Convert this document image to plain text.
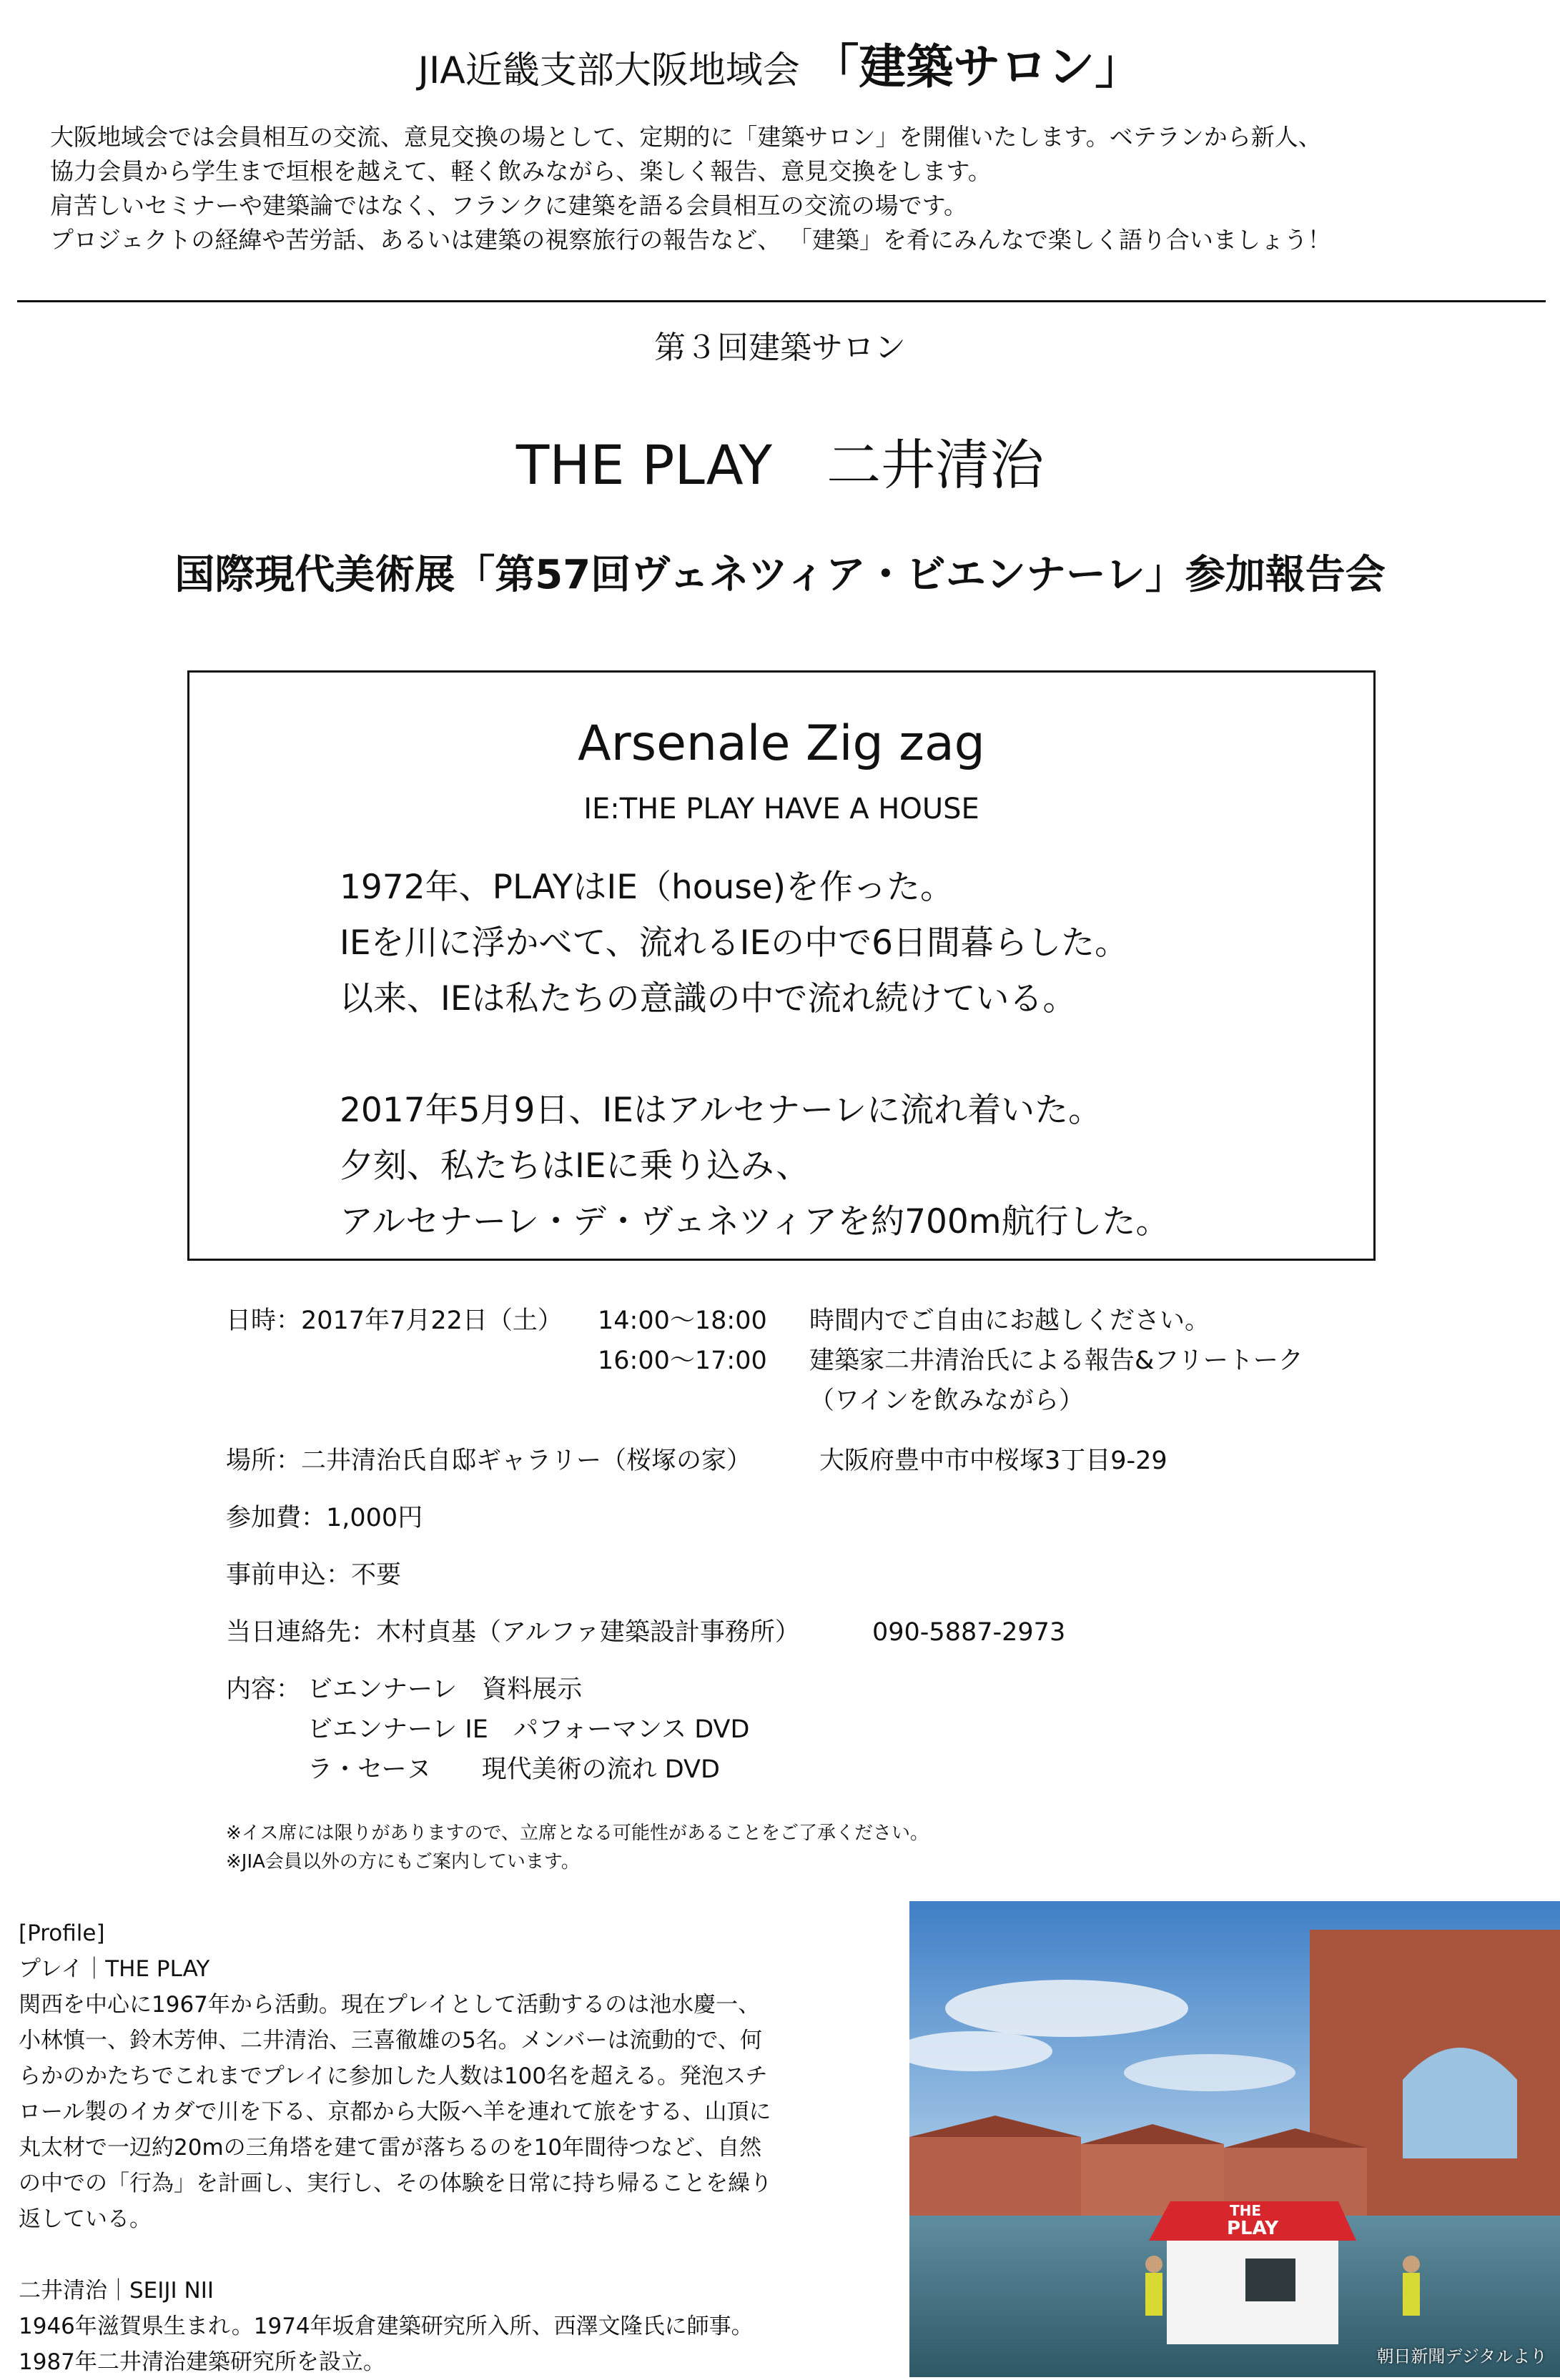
JIA近畿支部大阪地域会 「建築サロン」
大阪地域会では会員相互の交流、意見交換の場として、定期的に「建築サロン」を開催いたします。ベテランから新人、
協力会員から学生まで垣根を越えて、軽く飲みながら、楽しく報告、意見交換をします。
肩苦しいセミナーや建築論ではなく、フランクに建築を語る会員相互の交流の場です。
プロジェクトの経緯や苦労話、あるいは建築の視察旅行の報告など、 「建築」を肴にみんなで楽しく語り合いましょう！
第３回建築サロン
THE PLAY　二井清治
国際現代美術展「第57回ヴェネツィア・ビエンナーレ」参加報告会
Arsenale Zig zag
IE:THE PLAY HAVE A HOUSE
1972年、PLAYはIE（house)を作った。
IEを川に浮かべて、流れるIEの中で6日間暮らした。
以来、IEは私たちの意識の中で流れ続けている。
2017年5月9日、IEはアルセナーレに流れ着いた。
夕刻、私たちはIEに乗り込み、
アルセナーレ・デ・ヴェネツィアを約700m航行した。
日時：2017年7月22日（土） 14:00〜18:00 時間内でご自由にお越しください。
16:00〜17:00 建築家二井清治氏による報告&フリートーク
（ワインを飲みながら）
場所：二井清治氏自邸ギャラリー（桜塚の家）	大阪府豊中市中桜塚3丁目9-29
参加費：1,000円
事前申込：不要
当日連絡先：木村貞基（アルファ建築設計事務所）	090-5887-2973
内容： ビエンナーレ　資料展示
ビエンナーレ IE　パフォーマンス DVD
ラ・セーヌ　　現代美術の流れ DVD
※イス席には限りがありますので、立席となる可能性があることをご了承ください。
※JIA会員以外の方にもご案内しています。
[Profile]
プレイ｜THE PLAY
関西を中心に1967年から活動。現在プレイとして活動するのは池水慶一、
小林慎一、鈴木芳伸、二井清治、三喜徹雄の5名。メンバーは流動的で、何
らかのかたちでこれまでプレイに参加した人数は100名を超える。発泡スチ
ロール製のイカダで川を下る、京都から大阪へ羊を連れて旅をする、山頂に
丸太材で一辺約20mの三角塔を建て雷が落ちるのを10年間待つなど、自然
の中での「行為」を計画し、実行し、その体験を日常に持ち帰ることを繰り
返している。
二井清治｜SEIJI NII
1946年滋賀県生まれ。1974年坂倉建築研究所入所、西澤文隆氏に師事。
1987年二井清治建築研究所を設立。
THE
PLAY
朝日新聞デジタルより
